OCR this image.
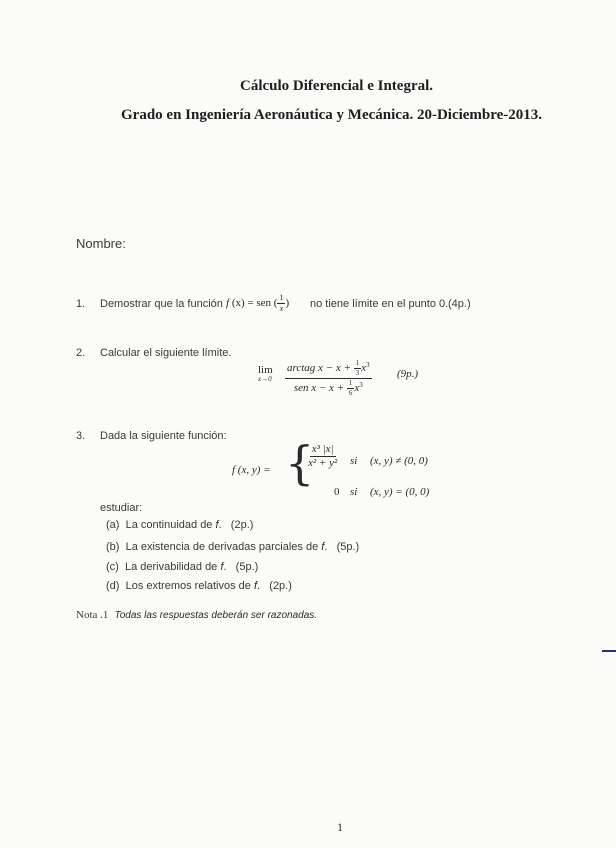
Cálculo Diferencial e Integral.
Grado en Ingeniería Aeronáutica y Mecánica. 20-Diciembre-2013.
Nombre:
1. Demostrar que la función f (x) = sen ( $\frac{1}{x}$ ) no tiene límite en el punto 0. (4p.)
2. Calcular el siguiente límite.
lim
$x\to 0 \frac{arctag x - x + \frac{1}{3} x^3}{sen x - x + \frac{1}{6} x^3} (9p.)$
3. Dada la siguiente función:
f (x, y) = {
$\frac{\text{x³ |x|}}{\text{x² + y²}}$ si (x, y) ≠ (0, 0)
0 si (x, y) = (0, 0)
estudiar:
(a) La continuidad de f.   (2p.)
(b) La existencia de derivadas parciales de f.   (5p.)
(c) La derivabilidad de f.   (5p.)
(d) Los extremos relativos de f.   (2p.)
Nota .1 Todas las respuestas deberán ser razonadas.
1
